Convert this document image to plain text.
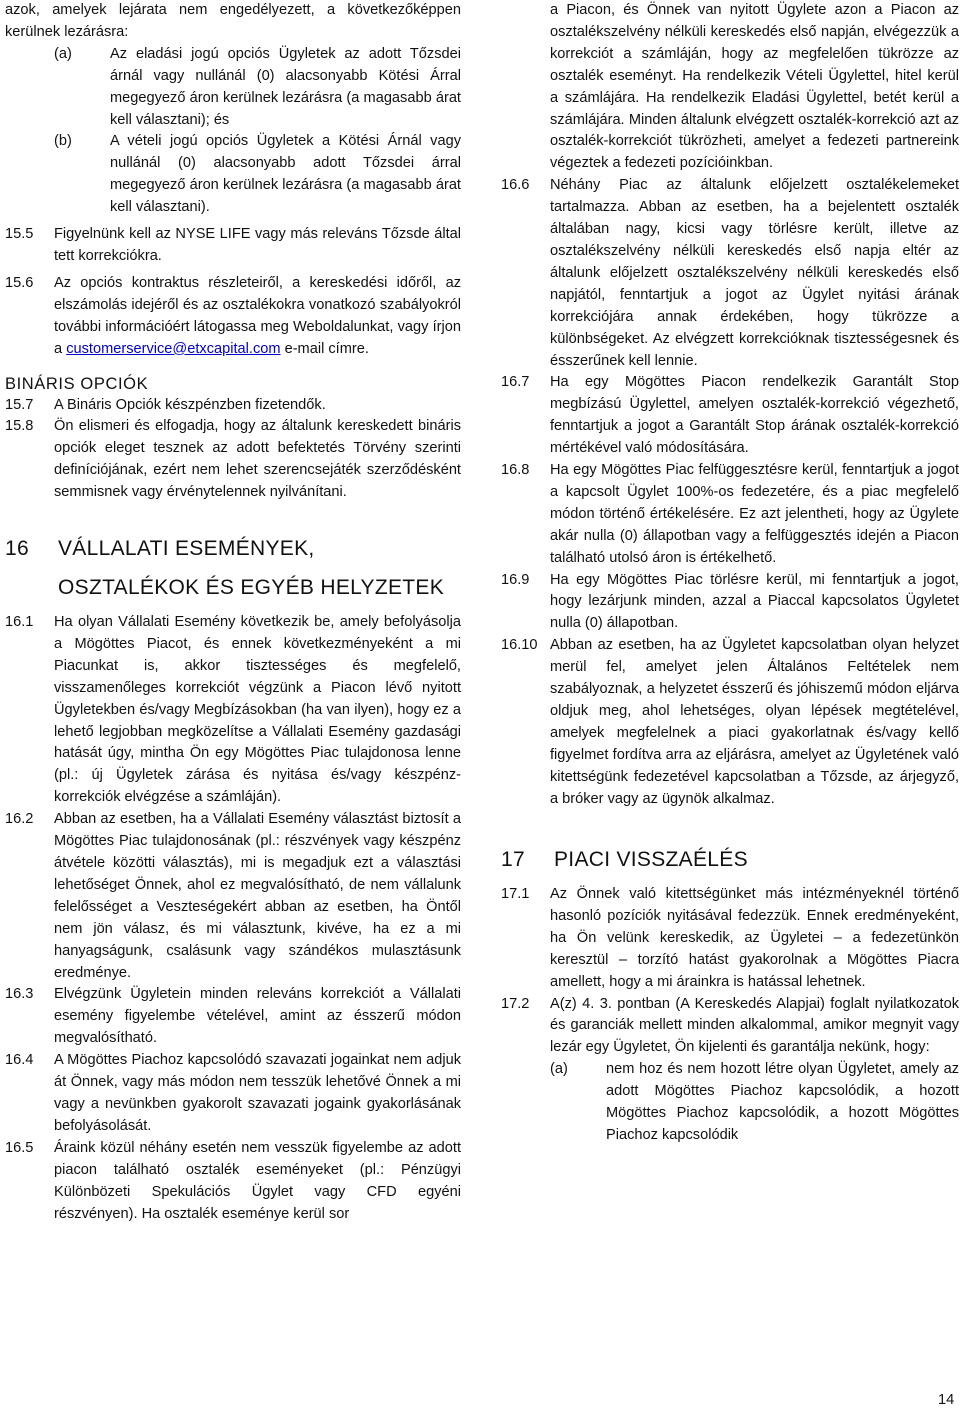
azok, amelyek lejárata nem engedélyezett, a következőképpen kerülnek lezárásra:

(a)	Az eladási jogú opciós Ügyletek az adott Tőzsdei árnál vagy nullánál (0) alacsonyabb Kötési Árral megegyező áron kerülnek lezárásra (a magasabb árat kell választani); és
(b)	A vételi jogú opciós Ügyletek a Kötési Árnál vagy nullánál (0) alacsonyabb adott Tőzsdei árral megegyező áron kerülnek lezárásra (a magasabb árat kell választani).
15.5 Figyelnünk kell az NYSE LIFE vagy más releváns Tőzsde által tett korrekciókra.
15.6 Az opciós kontraktus részleteiről, a kereskedési időről, az elszámolás idejéről és az osztalékokra vonatkozó szabályokról további információért látogassa meg Weboldalunkat, vagy írjon a customerservice@etxcapital.com e-mail címre.
BINÁRIS OPCIÓK
15.7 A Bináris Opciók készpénzben fizetendők.
15.8 Ön elismeri és elfogadja, hogy az általunk kereskedett bináris opciók eleget tesznek az adott befektetés Törvény szerinti definíciójának, ezért nem lehet szerencsejáték szerződésként semmisnek vagy érvénytelennek nyilvánítani.
16 VÁLLALATI ESEMÉNYEK, OSZTALÉKOK ÉS EGYÉB HELYZETEK
16.1 Ha olyan Vállalati Esemény következik be, amely befolyásolja a Mögöttes Piacot, és ennek következményeként a mi Piacunkat is, akkor tisztességes és megfelelő, visszamenőleges korrekciót végzünk a Piacon lévő nyitott Ügyletekben és/vagy Megbízásokban (ha van ilyen), hogy ez a lehető legjobban megközelítse a Vállalati Esemény gazdasági hatását úgy, mintha Ön egy Mögöttes Piac tulajdonosa lenne (pl.: új Ügyletek zárása és nyitása és/vagy készpénz-korrekciók elvégzése a számláján).
16.2 Abban az esetben, ha a Vállalati Esemény választást biztosít a Mögöttes Piac tulajdonosának (pl.: részvények vagy készpénz átvétele közötti választás), mi is megadjuk ezt a választási lehetőséget Önnek, ahol ez megvalósítható, de nem vállalunk felelősséget a Veszteségekért abban az esetben, ha Öntől nem jön válasz, és mi választunk, kivéve, ha ez a mi hanyagságunk, csalásunk vagy szándékos mulasztásunk eredménye.
16.3 Elvégzünk Ügyletein minden releváns korrekciót a Vállalati esemény figyelembe vételével, amint az ésszerű módon megvalósítható.
16.4 A Mögöttes Piachoz kapcsolódó szavazati jogainkat nem adjuk át Önnek, vagy más módon nem tesszük lehetővé Önnek a mi vagy a nevünkben gyakorolt szavazati jogaink gyakorlásának befolyásolását.
16.5 Áraink közül néhány esetén nem vesszük figyelembe az adott piacon található osztalék eseményeket (pl.: Pénzügyi Különbözeti Spekulációs Ügylet vagy CFD egyéni részvényen). Ha osztalék eseménye kerül sor
a Piacon, és Önnek van nyitott Ügylete azon a Piacon az osztalékszelvény nélküli kereskedés első napján, elvégezzük a korrekciót a számláján, hogy az megfelelően tükrözze az osztalék eseményt. Ha rendelkezik Vételi Ügylettel, hitel kerül a számlájára. Ha rendelkezik Eladási Ügylettel, betét kerül a számlájára. Minden általunk elvégzett osztalék-korrekció azt az osztalék-korrekciót tükrözheti, amelyet a fedezeti partnereink végeztek a fedezeti pozícióinkban.
16.6 Néhány Piac az általunk előjelzett osztalékelemeket tartalmazza. Abban az esetben, ha a bejelentett osztalék általában nagy, kicsi vagy törlésre került, illetve az osztalékszelvény nélküli kereskedés első napja eltér az általunk előjelzett osztalékszelvény nélküli kereskedés első napjától, fenntartjuk a jogot az Ügylet nyitási árának korrekciójára annak érdekében, hogy tükrözze a különbségeket. Az elvégzett korrekcióknak tisztességesnek és ésszerűnek kell lennie.
16.7 Ha egy Mögöttes Piacon rendelkezik Garantált Stop megbízású Ügylettel, amelyen osztalék-korrekció végezhető, fenntartjuk a jogot a Garantált Stop árának osztalék-korrekció mértékével való módosítására.
16.8 Ha egy Mögöttes Piac felfüggesztésre kerül, fenntartjuk a jogot a kapcsolt Ügylet 100%-os fedezetére, és a piac megfelelő módon történő értékelésére. Ez azt jelentheti, hogy az Ügylete akár nulla (0) állapotban vagy a felfüggesztés idején a Piacon található utolsó áron is értékelhető.
16.9 Ha egy Mögöttes Piac törlésre kerül, mi fenntartjuk a jogot, hogy lezárjunk minden, azzal a Piaccal kapcsolatos Ügyletet nulla (0) állapotban.
16.10 Abban az esetben, ha az Ügyletet kapcsolatban olyan helyzet merül fel, amelyet jelen Általános Feltételek nem szabályoznak, a helyzetet ésszerű és jóhiszemű módon eljárva oldjuk meg, ahol lehetséges, olyan lépések megtételével, amelyek megfelelnek a piaci gyakorlatnak és/vagy kellő figyelmet fordítva arra az eljárásra, amelyet az Ügyletének való kitettségünk fedezetével kapcsolatban a Tőzsde, az árjegyző, a bróker vagy az ügynök alkalmaz.
17 PIACI VISSZAÉLÉS
17.1 Az Önnek való kitettségünket más intézményeknél történő hasonló pozíciók nyitásával fedezzük. Ennek eredményeként, ha Ön velünk kereskedik, az Ügyletei – a fedezetünkön keresztül – torzító hatást gyakorolnak a Mögöttes Piacra amellett, hogy a mi árainkra is hatással lehetnek.
17.2 A(z) 4. 3. pontban (A Kereskedés Alapjai) foglalt nyilatkozatok és garanciák mellett minden alkalommal, amikor megnyit vagy lezár egy Ügyletet, Ön kijelenti és garantálja nekünk, hogy:
(a)	nem hoz és nem hozott létre olyan Ügyletet, amely az adott Mögöttes Piachoz kapcsolódik, a hozott Mögöttes Piachoz kapcsolódik, a hozott Mögöttes Piachoz kapcsolódik
14
